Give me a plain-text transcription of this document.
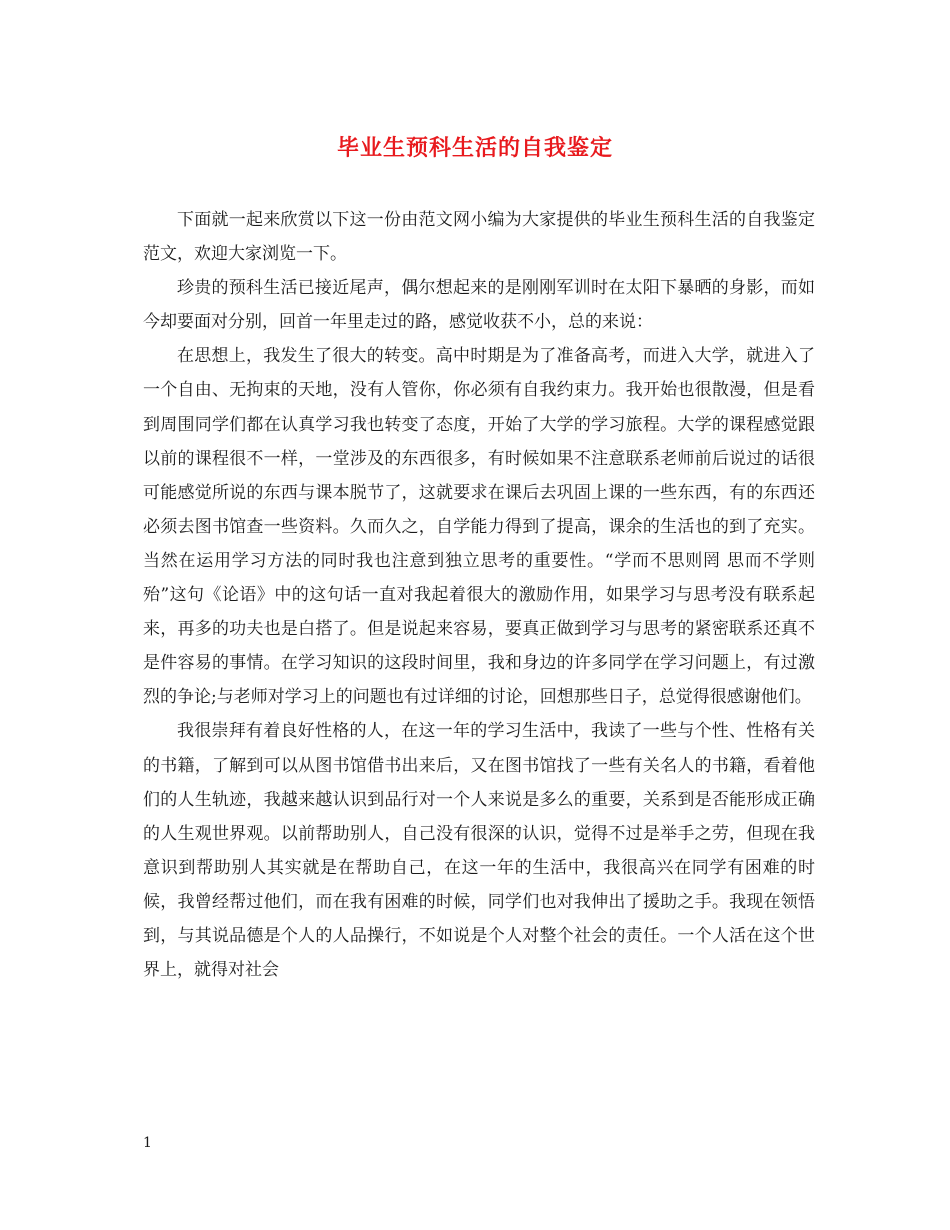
毕业生预科生活的自我鉴定

下面就一起来欣赏以下这一份由范文网小编为大家提供的毕业生预科生活的自我鉴定范文，欢迎大家浏览一下。

珍贵的预科生活已接近尾声，偶尔想起来的是刚刚军训时在太阳下暴晒的身影，而如今却要面对分别，回首一年里走过的路，感觉收获不小，总的来说：

在思想上，我发生了很大的转变。高中时期是为了准备高考，而进入大学，就进入了一个自由、无拘束的天地，没有人管你，你必须有自我约束力。我开始也很散漫，但是看到周围同学们都在认真学习我也转变了态度，开始了大学的学习旅程。大学的课程感觉跟以前的课程很不一样，一堂涉及的东西很多，有时候如果不注意联系老师前后说过的话很可能感觉所说的东西与课本脱节了，这就要求在课后去巩固上课的一些东西，有的东西还必须去图书馆查一些资料。久而久之，自学能力得到了提高，课余的生活也的到了充实。当然在运用学习方法的同时我也注意到独立思考的重要性。“学而不思则罔 思而不学则殆”这句《论语》中的这句话一直对我起着很大的激励作用，如果学习与思考没有联系起来，再多的功夫也是白搭了。但是说起来容易，要真正做到学习与思考的紧密联系还真不是件容易的事情。在学习知识的这段时间里，我和身边的许多同学在学习问题上，有过激烈的争论;与老师对学习上的问题也有过详细的讨论，回想那些日子，总觉得很感谢他们。

我很崇拜有着良好性格的人，在这一年的学习生活中，我读了一些与个性、性格有关的书籍，了解到可以从图书馆借书出来后，又在图书馆找了一些有关名人的书籍，看着他们的人生轨迹，我越来越认识到品行对一个人来说是多么的重要，关系到是否能形成正确的人生观世界观。以前帮助别人，自己没有很深的认识，觉得不过是举手之劳，但现在我意识到帮助别人其实就是在帮助自己，在这一年的生活中，我很高兴在同学有困难的时候，我曾经帮过他们，而在我有困难的时候，同学们也对我伸出了援助之手。我现在领悟到，与其说品德是个人的人品操行，不如说是个人对整个社会的责任。一个人活在这个世界上，就得对社会

1
